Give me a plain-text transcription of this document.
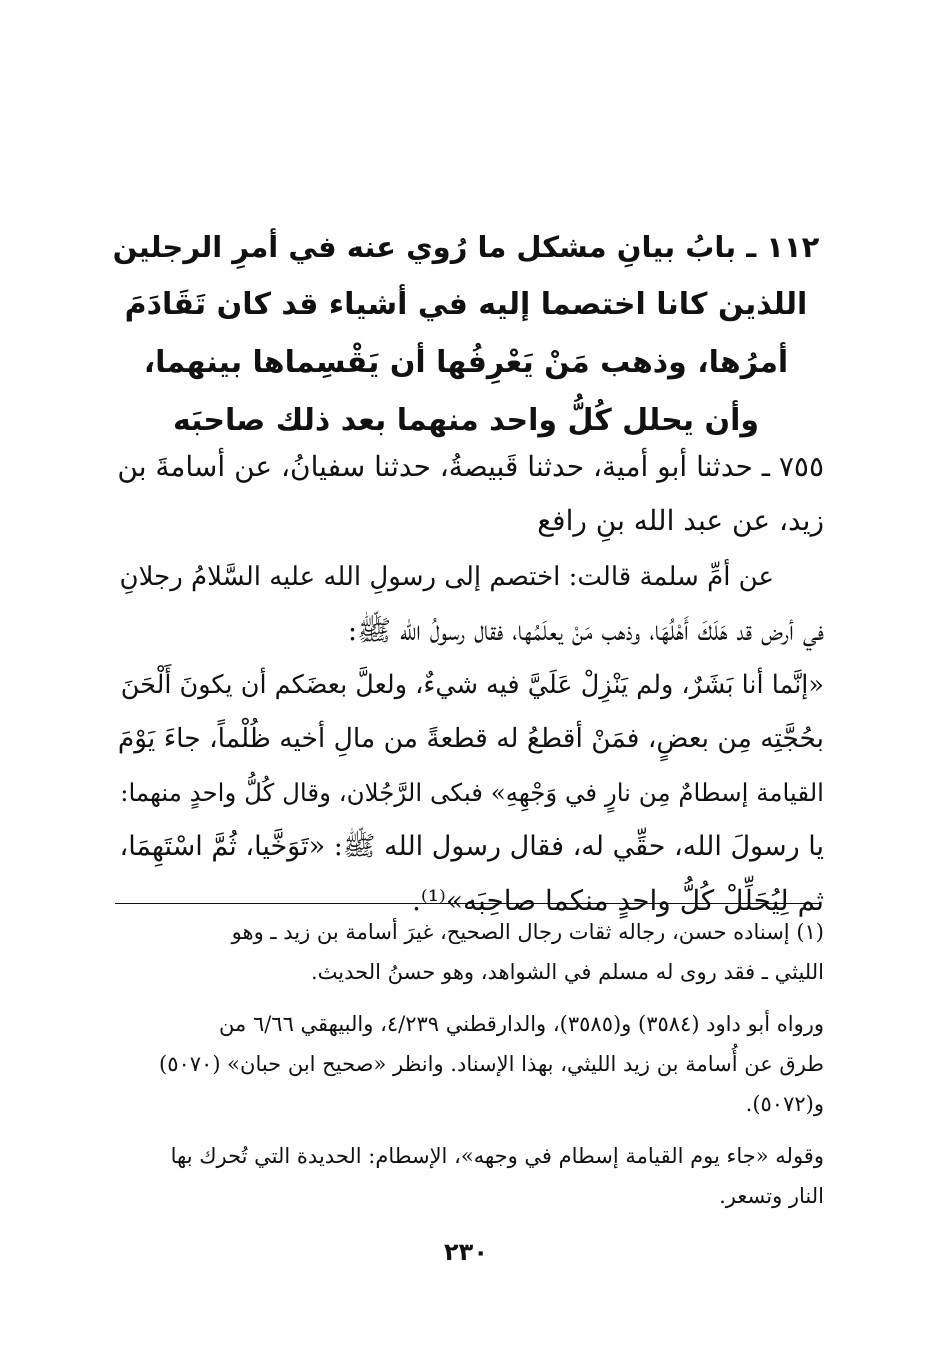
١١٢ ـ بابُ بيانِ مشكل ما رُوي عنه في أمرِ الرجلين
اللذين كانا اختصما إليه في أشياء قد كان تَقَادَمَ
أمرُها، وذهب مَنْ يَعْرِفُها أن يَقْسِماها بينهما،
وأن يحلل كُلُّ واحد منهما بعد ذلك صاحبَه
٧٥٥ ـ حدثنا أبو أمية، حدثنا قَبيصةُ، حدثنا سفيانُ، عن أسامةَ بن
زيد، عن عبد الله بنِ رافع
عن أمِّ سلمة قالت: اختصم إلى رسولِ الله عليه السَّلامُ رجلانِ
في أرض قد هَلَكَ أَهْلُهَا، وذهب مَنْ يعلَمُها، فقال رسولُ الله ﷺ:
«إنَّما أنا بَشَرٌ، ولم يَنْزِلْ عَلَيَّ فيه شيءٌ، ولعلَّ بعضَكم أن يكونَ أَلْحَنَ
بحُجَّتِه مِن بعضٍ، فمَنْ أقطعُ له قطعةً من مالِ أخيه ظُلْماً، جاءَ يَوْمَ
القيامة إسطامٌ مِن نارٍ في وَجْهِهِ» فبكى الرَّجُلان، وقال كُلُّ واحدٍ منهما:
يا رسولَ الله، حقِّي له، فقال رسول الله ﷺ: «تَوَخَّيا، ثُمَّ اسْتَهِمَا،
ثم لِيُحَلِّلْ كُلُّ واحدٍ منكما صاحِبَه»⁽¹⁾.
(١) إسناده حسن، رجاله ثقات رجال الصحيح، غيرَ أسامة بن زيد ـ وهو
الليثي ـ فقد روى له مسلم في الشواهد، وهو حسنُ الحديث.
ورواه أبو داود (٣٥٨٤) و(٣٥٨٥)، والدارقطني ٤/٢٣٩، والبيهقي ٦/٦٦ من
طرق عن أُسامة بن زيد الليثي، بهذا الإسناد. وانظر «صحيح ابن حبان» (٥٠٧٠)
و(٥٠٧٢).
وقوله «جاء يوم القيامة إسطام في وجهه»، الإسطام: الحديدة التي تُحرك بها
النار وتسعر.
٢٣٠
